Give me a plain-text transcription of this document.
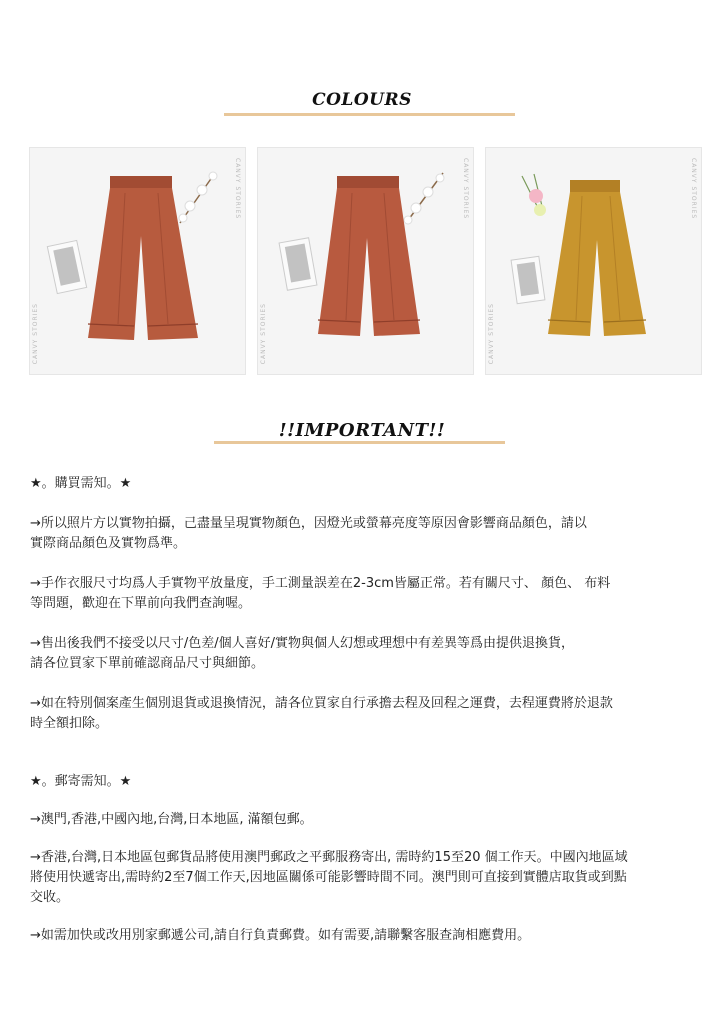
COLOURS
CANVY STORIES
CANVY STORIES
CANVY STORIES
CANVY STORIES
CANVY STORIES
CANVY STORIES
!!IMPORTANT!!

★。購買需知。★

→所以照片方以實物拍攝，己盡量呈現實物顏色，因燈光或螢幕亮度等原因會影響商品顏色，請以

實際商品顏色及實物爲準。

→手作衣服尺寸均爲人手實物平放量度，手工測量誤差在2-3cm皆屬正常。若有關尺寸、 顏色、 布料

等問題，歡迎在下單前向我們查詢喔。

→售出後我們不接受以尺寸/色差/個人喜好/實物與個人幻想或理想中有差異等爲由提供退換貨，

請各位買家下單前確認商品尺寸與細節。

→如在特別個案產生個別退貨或退換情況，請各位買家自行承擔去程及回程之運費，去程運費將於退款

時全額扣除。

★。郵寄需知。★

→澳門,香港,中國內地,台灣,日本地區, 滿額包郵。

→香港,台灣,日本地區包郵貨品將使用澳門郵政之平郵服務寄出, 需時約15至20 個工作天。中國內地區域

將使用快遞寄出,需時約2至7個工作天,因地區關係可能影響時間不同。澳門則可直接到實體店取貨或到點

交收。

→如需加快或改用別家郵遞公司,請自行負責郵費。如有需要,請聯繫客服查詢相應費用。
